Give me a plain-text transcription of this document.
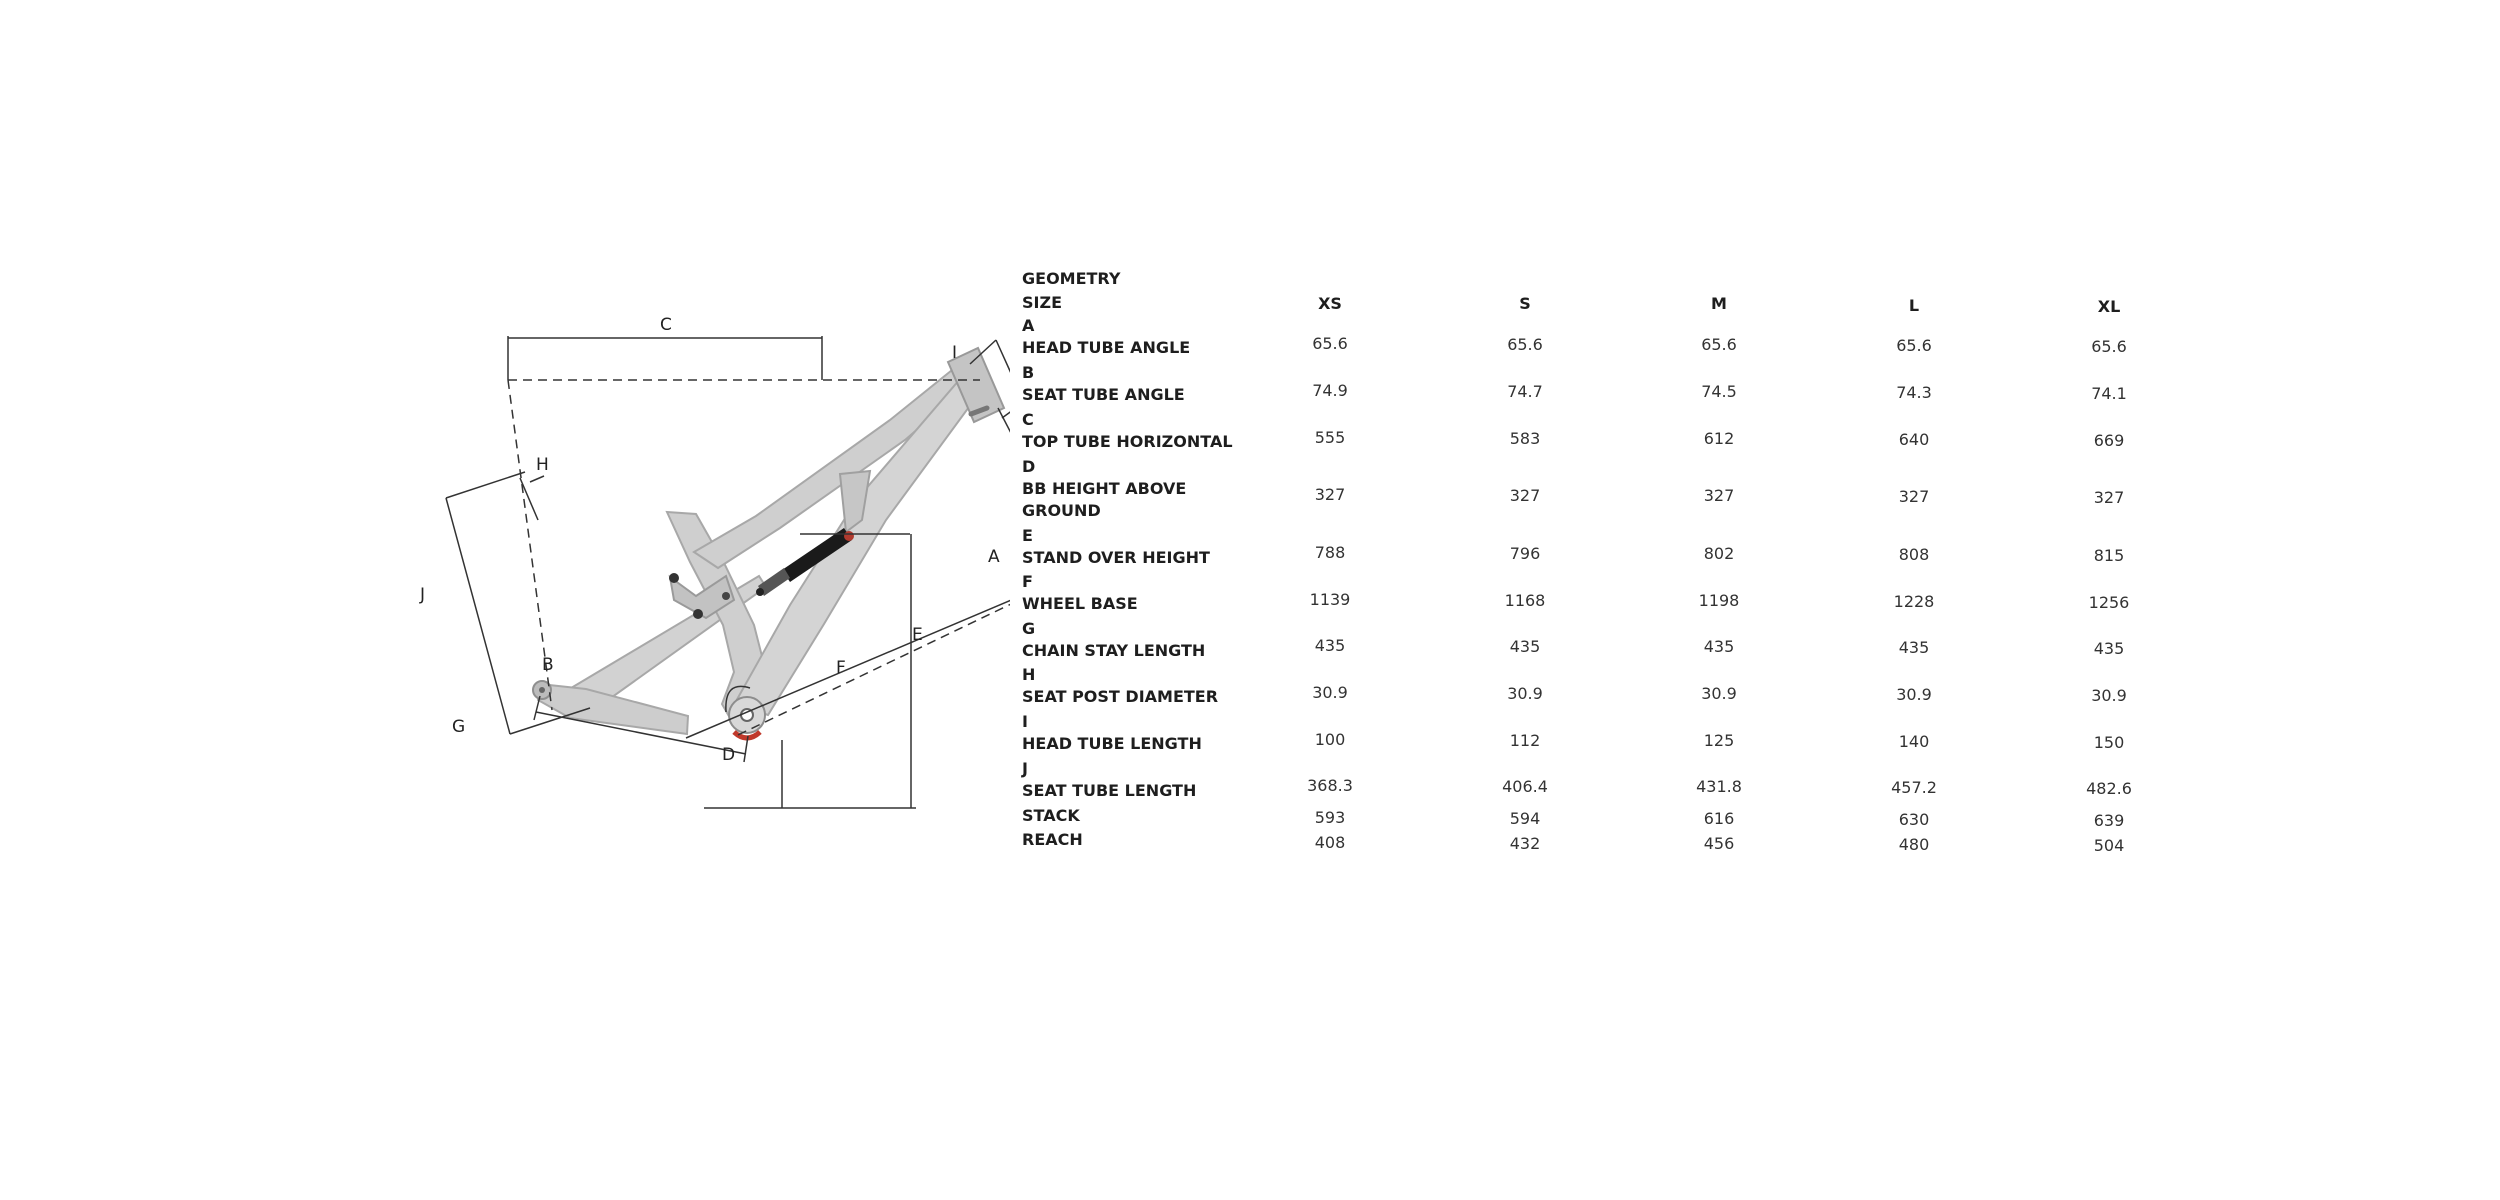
C
I
H
J
E
A
F
B
G
D
GEOMETRY
SIZE	XS	S	M	L	XL
A
HEAD TUBE ANGLE	65.6	65.6	65.6	65.6	65.6
B
SEAT TUBE ANGLE	74.9	74.7	74.5	74.3	74.1
C
TOP TUBE HORIZONTAL	555	583	612	640	669
D
BB HEIGHT ABOVE
GROUND
327	327	327	327	327
E
STAND OVER HEIGHT	788	796	802	808	815
F
WHEEL BASE	1139	1168	1198	1228	1256
G
CHAIN STAY LENGTH	435	435	435	435	435
H
SEAT POST DIAMETER	30.9	30.9	30.9	30.9	30.9
I
HEAD TUBE LENGTH	100	112	125	140	150
J
SEAT TUBE LENGTH	368.3	406.4	431.8	457.2	482.6
STACK	593	594	616	630	639
REACH	408	432	456	480	504
